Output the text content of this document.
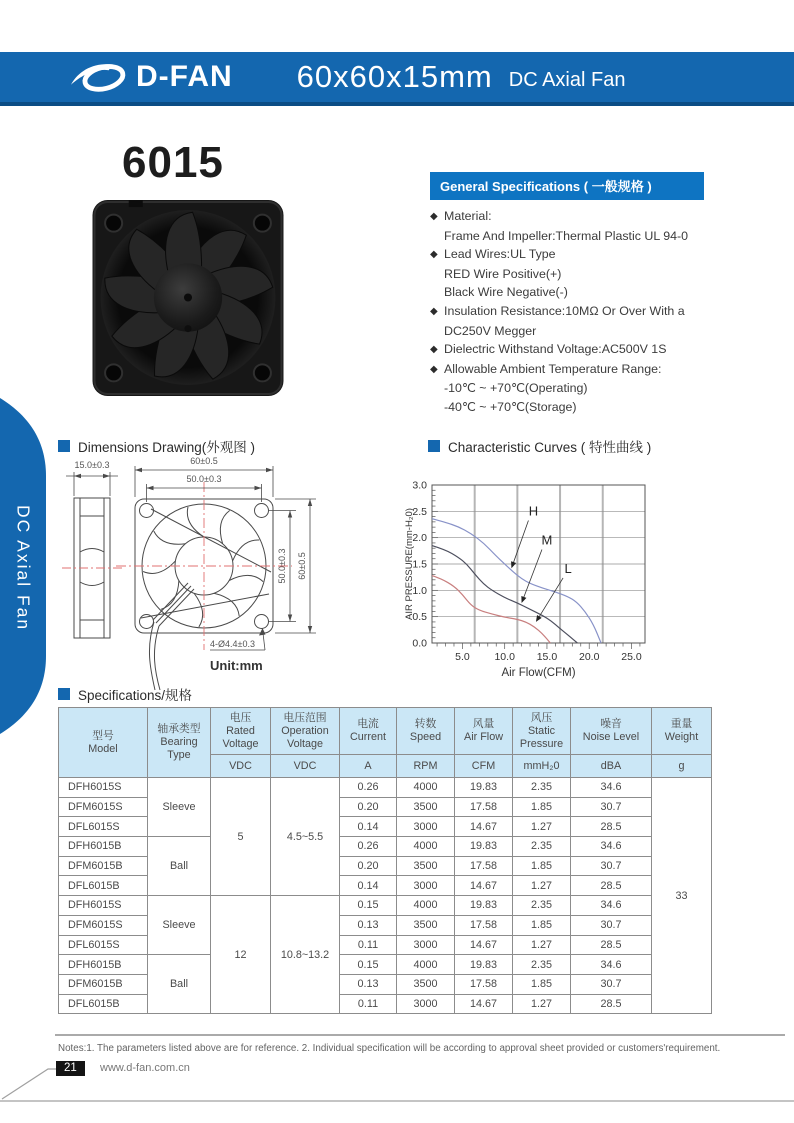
D-FAN 60x60x15mm DC Axial Fan
DC Axial Fan
6015	General Specifications ( 一般规格 )
◆ Material:
Frame And Impeller:Thermal Plastic UL 94-0
◆ Lead Wires:UL Type
RED Wire Positive(+)
Black Wire Negative(-)
◆ Insulation Resistance:10MΩ Or Over With a
DC250V Megger
◆ Dielectric Withstand Voltage:AC500V 1S
◆ Allowable Ambient Temperature Range:
-10℃ ~ +70℃(Operating)
-40℃ ~ +70℃(Storage)
Dimensions Drawing(外观图 )	Characteristic Curves ( 特性曲线 )
Specifications/规格
15.0±0.3	60±0.5
50.0±0.3
50.0±0.3 60±0.5
4-Ø4.4±0.3
Unit:mm
0.0
0.5
1.0
1.5
2.0
2.5
3.0
5.0 10.0 15.0 20.0 25.0
H
M
L
Air Flow(CFM)
AIR PRESSURE(mm-H₂0)
型号
Model

轴承类型
Bearing Type

电压
Rated Voltage

电压范围
Operation Voltage

电流
Current

转数
Speed

风量
Air Flow

风压
Static Pressure

噪音
Noise Level

重量
Weight

		VDC	VDC	A	RPM	CFM	mmH₂0	dBA	g
DFH6015S	Sleeve	5	4.5~5.5	0.26	4000	19.83	2.35	34.6	33
DFM6015S				0.20	3500	17.58	1.85	30.7	
DFL6015S				0.14	3000	14.67	1.27	28.5	
DFH6015B	Ball			0.26	4000	19.83	2.35	34.6	
DFM6015B				0.20	3500	17.58	1.85	30.7	
DFL6015B				0.14	3000	14.67	1.27	28.5	
DFH6015S	Sleeve	12	10.8~13.2	0.15	4000	19.83	2.35	34.6	
DFM6015S				0.13	3500	17.58	1.85	30.7	
DFL6015S				0.11	3000	14.67	1.27	28.5	
DFH6015B	Ball			0.15	4000	19.83	2.35	34.6	
DFM6015B				0.13	3500	17.58	1.85	30.7	
DFL6015B				0.11	3000	14.67	1.27	28.5	
Notes:1. The parameters listed above are for reference. 2. Individual specification will be according to approval sheet provided or customers'requirement.
21	www.d-fan.com.cn
